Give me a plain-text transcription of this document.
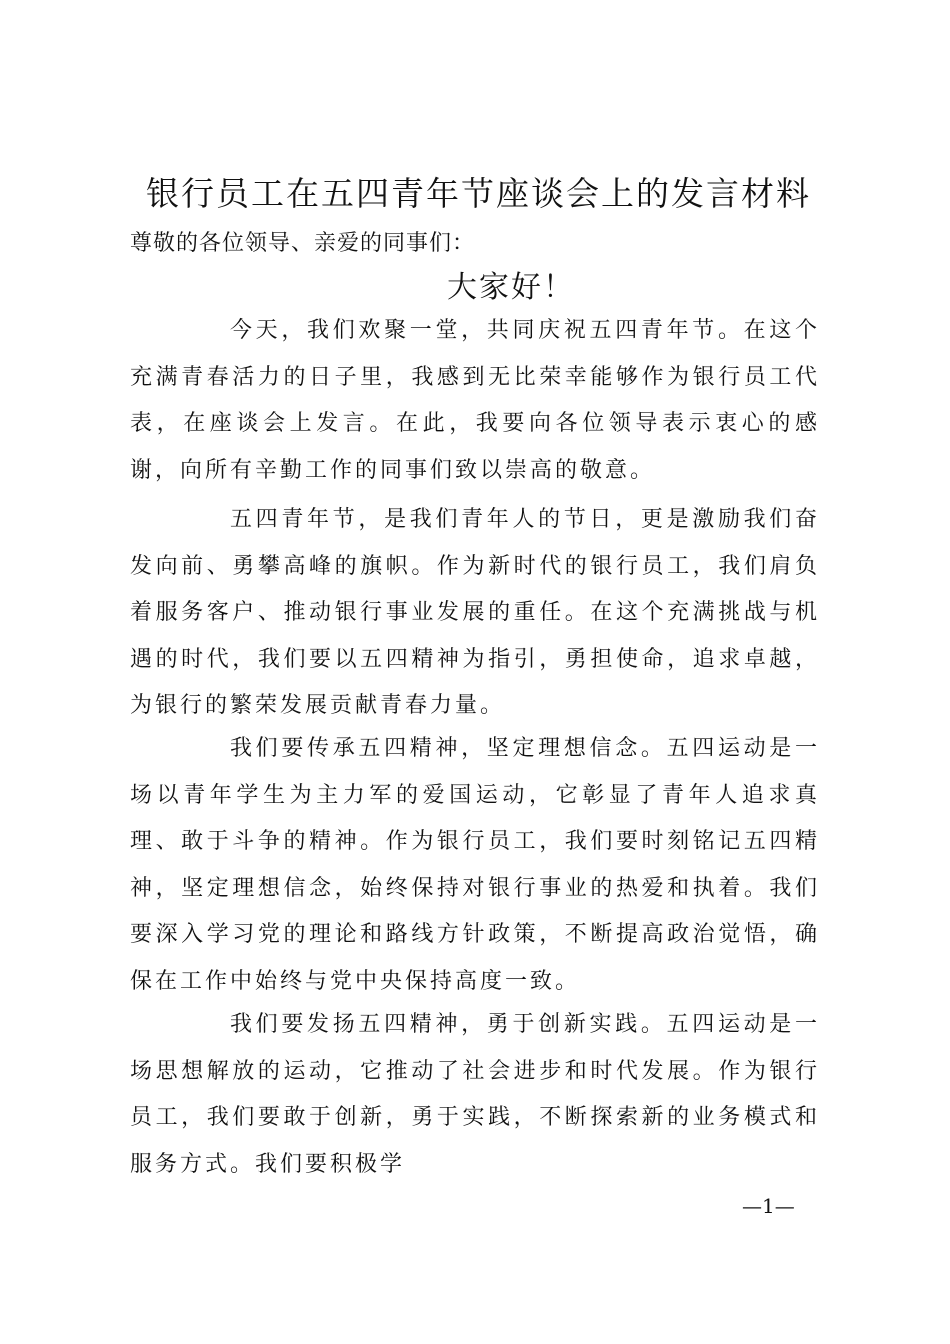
银行员工在五四青年节座谈会上的发言材料

尊敬的各位领导、亲爱的同事们：

大家好！

今天，我们欢聚一堂，共同庆祝五四青年节。在这个充满青春活力的日子里，我感到无比荣幸能够作为银行员工代表，在座谈会上发言。在此，我要向各位领导表示衷心的感谢，向所有辛勤工作的同事们致以崇高的敬意。

五四青年节，是我们青年人的节日，更是激励我们奋发向前、勇攀高峰的旗帜。作为新时代的银行员工，我们肩负着服务客户、推动银行事业发展的重任。在这个充满挑战与机遇的时代，我们要以五四精神为指引，勇担使命，追求卓越，为银行的繁荣发展贡献青春力量。

我们要传承五四精神，坚定理想信念。五四运动是一场以青年学生为主力军的爱国运动，它彰显了青年人追求真理、敢于斗争的精神。作为银行员工，我们要时刻铭记五四精神，坚定理想信念，始终保持对银行事业的热爱和执着。我们要深入学习党的理论和路线方针政策，不断提高政治觉悟，确保在工作中始终与党中央保持高度一致。

我们要发扬五四精神，勇于创新实践。五四运动是一场思想解放的运动，它推动了社会进步和时代发展。作为银行员工，我们要敢于创新，勇于实践，不断探索新的业务模式和服务方式。我们要积极学

—1—
